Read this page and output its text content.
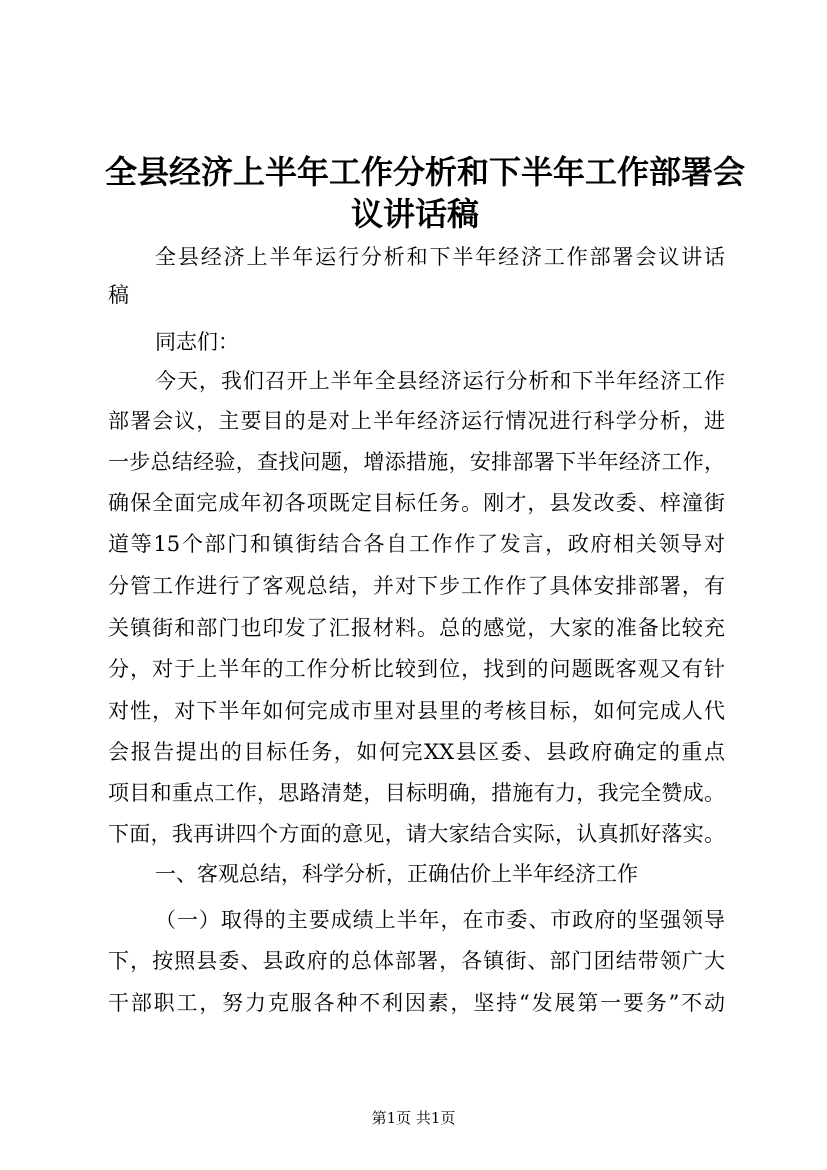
全县经济上半年工作分析和下半年工作部署会
议讲话稿
全县经济上半年运行分析和下半年经济工作部署会议讲话
稿
同志们：
今天，我们召开上半年全县经济运行分析和下半年经济工作
部署会议，主要目的是对上半年经济运行情况进行科学分析，进
一步总结经验，查找问题，增添措施，安排部署下半年经济工作，
确保全面完成年初各项既定目标任务。刚才，县发改委、梓潼街
道等15个部门和镇街结合各自工作作了发言，政府相关领导对
分管工作进行了客观总结，并对下步工作作了具体安排部署，有
关镇街和部门也印发了汇报材料。总的感觉，大家的准备比较充
分，对于上半年的工作分析比较到位，找到的问题既客观又有针
对性，对下半年如何完成市里对县里的考核目标，如何完成人代
会报告提出的目标任务，如何完XX县区委、县政府确定的重点
项目和重点工作，思路清楚，目标明确，措施有力，我完全赞成。
下面，我再讲四个方面的意见，请大家结合实际，认真抓好落实。
一、客观总结，科学分析，正确估价上半年经济工作
（一）取得的主要成绩上半年，在市委、市政府的坚强领导
下，按照县委、县政府的总体部署，各镇街、部门团结带领广大
干部职工，努力克服各种不利因素，坚持“发展第一要务”不动
第1页 共1页
